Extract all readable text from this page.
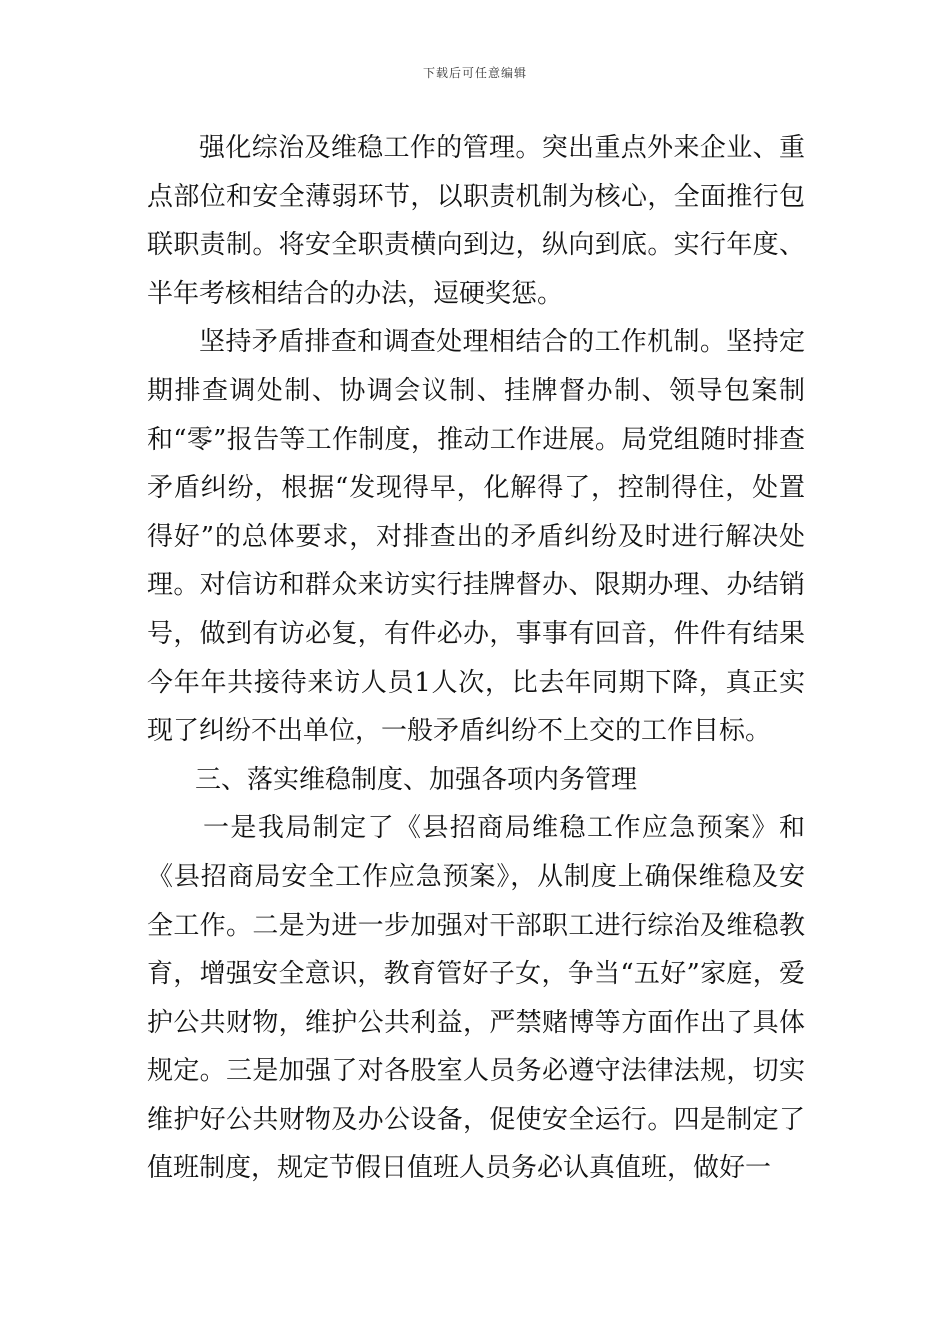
下载后可任意编辑

强化综治及维稳工作的管理。突出重点外来企业、重点部位和安全薄弱环节，以职责机制为核心，全面推行包联职责制。将安全职责横向到边，纵向到底。实行年度、半年考核相结合的办法，逗硬奖惩。

坚持矛盾排查和调查处理相结合的工作机制。坚持定期排查调处制、协调会议制、挂牌督办制、领导包案制和“零”报告等工作制度，推动工作进展。局党组随时排查矛盾纠纷，根据“发现得早，化解得了，控制得住，处置得好”的总体要求，对排查出的矛盾纠纷及时进行解决处理。对信访和群众来访实行挂牌督办、限期办理、办结销号，做到有访必复，有件必办，事事有回音，件件有结果今年年共接待来访人员1人次，比去年同期下降，真正实现了纠纷不出单位，一般矛盾纠纷不上交的工作目标。

三、落实维稳制度、加强各项内务管理

一是我局制定了《县招商局维稳工作应急预案》和《县招商局安全工作应急预案》，从制度上确保维稳及安全工作。二是为进一步加强对干部职工进行综治及维稳教育，增强安全意识，教育管好子女，争当“五好”家庭，爱护公共财物，维护公共利益，严禁赌博等方面作出了具体规定。三是加强了对各股室人员务必遵守法律法规，切实维护好公共财物及办公设备，促使安全运行。四是制定了值班制度，规定节假日值班人员务必认真值班，做好一
